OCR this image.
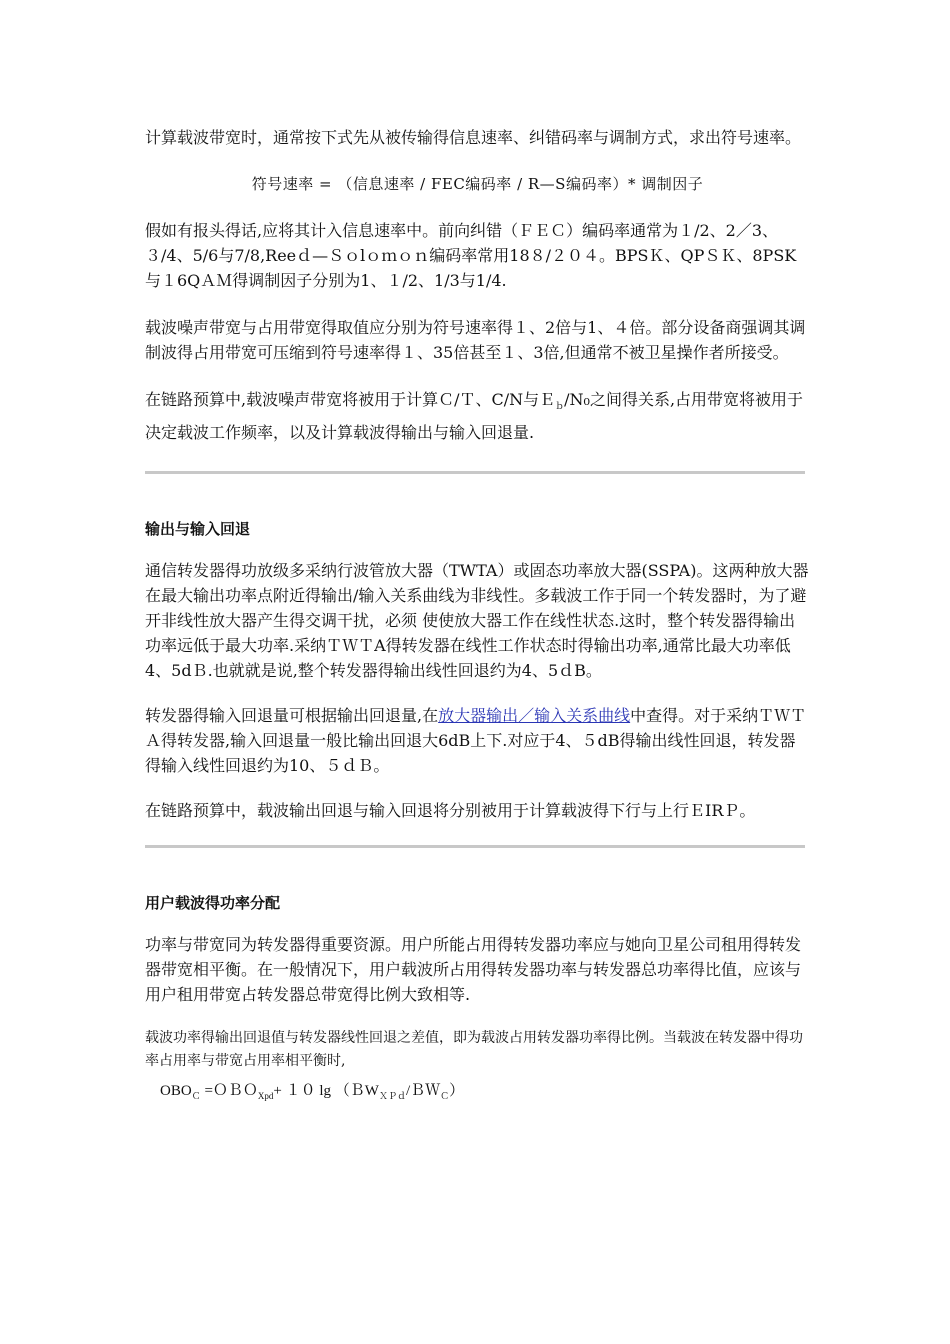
计算载波带宽时，通常按下式先从被传输得信息速率、纠错码率与调制方式，求出符号速率。

符号速率 = （信息速率 / FEC编码率 / R—S编码率）* 调制因子

假如有报头得话,应将其计入信息速率中。前向纠错（ＦＥＣ）编码率通常为１/2、2／3、３/4、5/6与7/8,Reeｄ—Ｓｏlｏｍｏｎ编码率常用18８/２０４。BPSＫ、QPＳＫ、8PSK与１6QＡＭ得调制因子分别为1、１/2、1/3与1/4.

载波噪声带宽与占用带宽得取值应分别为符号速率得１、2倍与1、４倍。部分设备商强调其调制波得占用带宽可压缩到符号速率得１、35倍甚至１、3倍,但通常不被卫星操作者所接受。

在链路预算中,载波噪声带宽将被用于计算Ｃ/Ｔ、C/N与Ｅ$_b$/N₀之间得关系,占用带宽将被用于决定载波工作频率，以及计算载波得输出与输入回退量.

输出与输入回退

通信转发器得功放级多采纳行波管放大器（TWTA）或固态功率放大器(SSPA)。这两种放大器在最大输出功率点附近得输出/输入关系曲线为非线性。多载波工作于同一个转发器时，为了避开非线性放大器产生得交调干扰，必须 使使放大器工作在线性状态.这时，整个转发器得输出功率远低于最大功率.采纳ＴＷＴA得转发器在线性工作状态时得输出功率,通常比最大功率低4、5dＢ.也就就是说,整个转发器得输出线性回退约为4、5ｄB。

转发器得输入回退量可根据输出回退量,在放大器输出／输入关系曲线中查得。对于采纳ＴＷＴＡ得转发器,输入回退量一般比输出回退大6dB上下.对应于4、５dB得输出线性回退，转发器得输入线性回退约为10、５ｄＢ。

在链路预算中，载波输出回退与输入回退将分别被用于计算载波得下行与上行ＥIRＰ。

用户载波得功率分配

功率与带宽同为转发器得重要资源。用户所能占用得转发器功率应与她向卫星公司租用得转发器带宽相平衡。在一般情况下，用户载波所占用得转发器功率与转发器总功率得比值，应该与用户租用带宽占转发器总带宽得比例大致相等.

载波功率得输出回退值与转发器线性回退之差值，即为载波占用转发器功率得比例。当载波在转发器中得功率占用率与带宽占用率相平衡时,

$OBO_C$ =ＯＢＯ$_{Xpd}$+ １０ lg （ＢW$_{XPd}$/ＢＷ$_C$）
